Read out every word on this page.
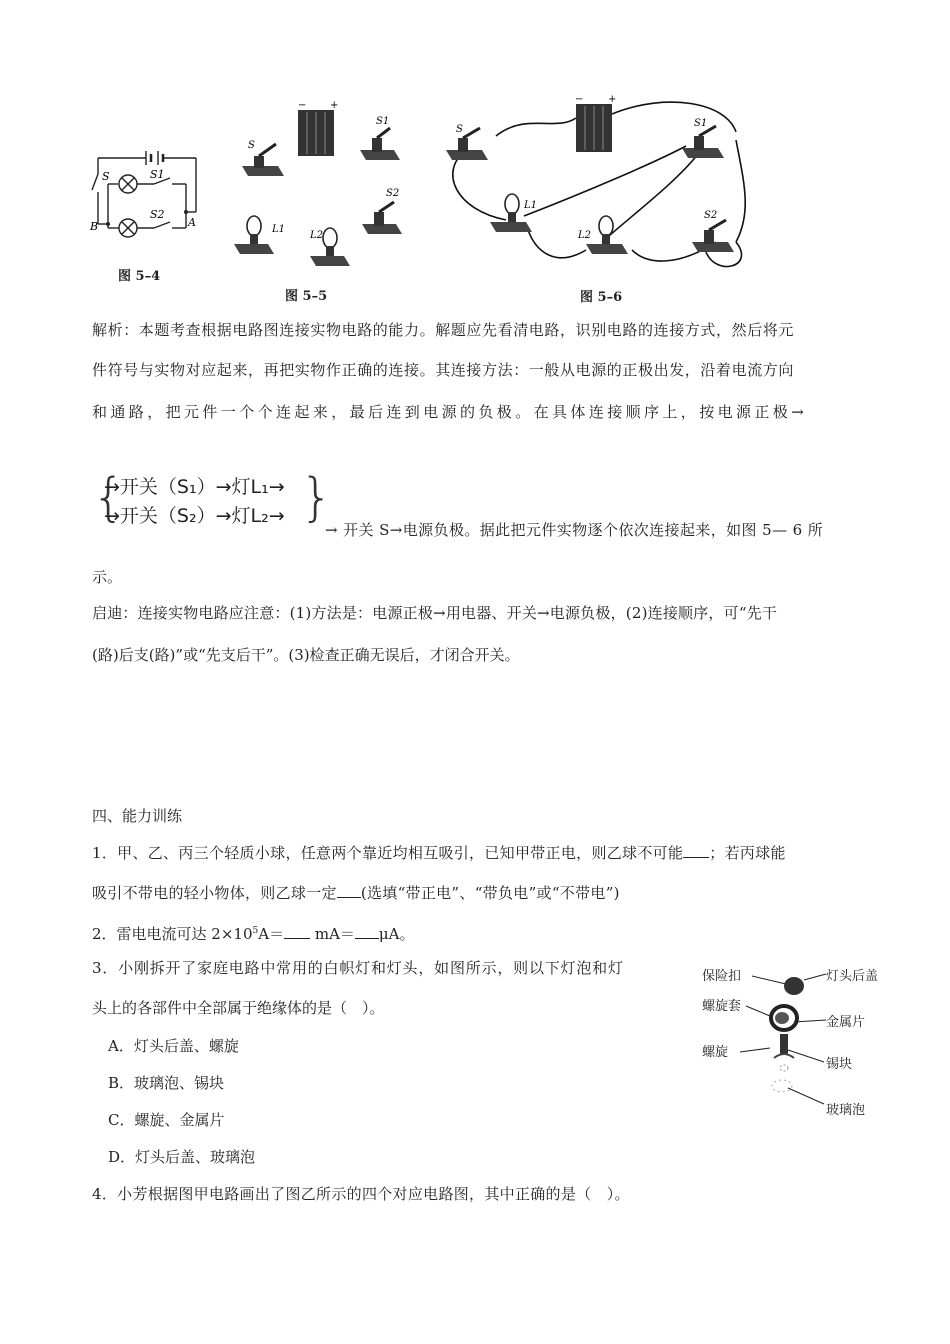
S	S1
S2
A
B
图 5–4
− +
S
S1
S2
L1
L2
图 5–5
− +
S
S1
S2
L1
L2
图 5–6
解析：本题考查根据电路图连接实物电路的能力。解题应先看清电路，识别电路的连接方式，然后将元
件符号与实物对应起来，再把实物作正确的连接。其连接方法：一般从电源的正极出发，沿着电流方向
和通路，把元件一个个连起来，最后连到电源的负极。在具体连接顺序上，按电源正极→
{
→开关（S₁）→灯L₁→
→开关（S₂）→灯L₂→ }
→ 开关 S→电源负极。据此把元件实物逐个依次连接起来，如图 5— 6 所
示。
启迪：连接实物电路应注意：(1)方法是：电源正极→用电器、开关→电源负极，(2)连接顺序，可“先干
(路)后支(路)”或“先支后干”。(3)检查正确无误后，才闭合开关。
四、能力训练
1．甲、乙、丙三个轻质小球，任意两个靠近均相互吸引，已知甲带正电，则乙球不可能 ；若丙球能
吸引不带电的轻小物体，则乙球一定 (选填“带正电”、“带负电”或“不带电”)
2．雷电电流可达 $2\times 10^5A= mA= \mu A$。
3．小刚拆开了家庭电路中常用的白帜灯和灯头，如图所示，则以下灯泡和灯
头上的各部件中全部属于绝缘体的是（　）。
A．灯头后盖、螺旋
B．玻璃泡、锡块
C．螺旋、金属片
D．灯头后盖、玻璃泡
保险扣	灯头后盖
螺旋套
金属片
螺旋
锡块
玻璃泡
4．小芳根据图甲电路画出了图乙所示的四个对应电路图，其中正确的是（　）。
